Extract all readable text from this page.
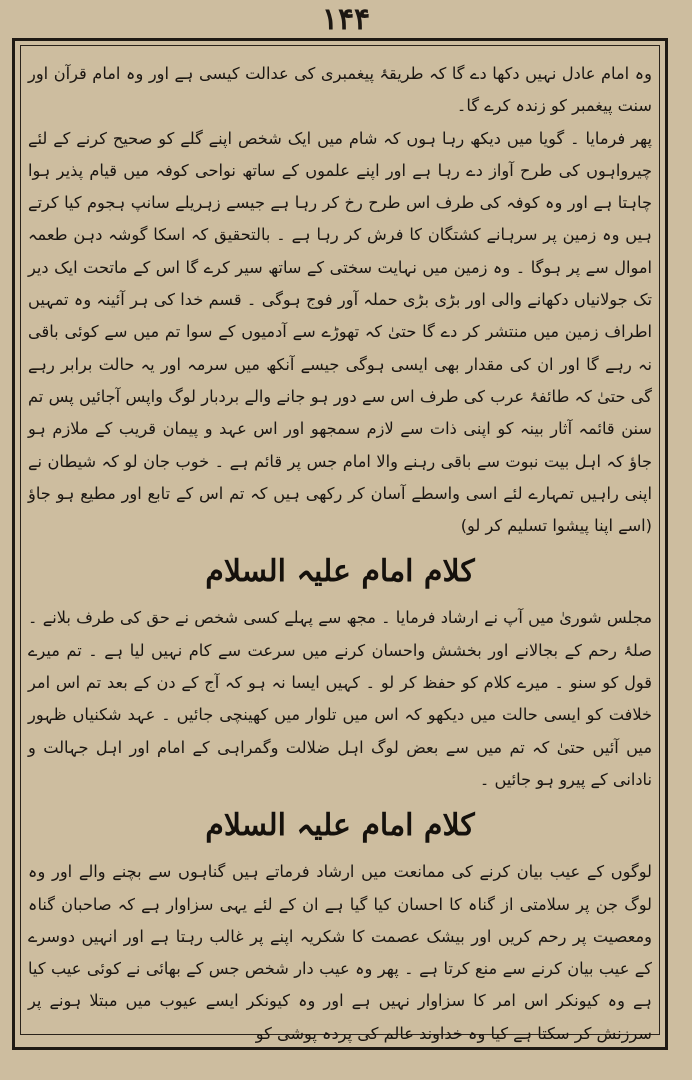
۱۴۴

وہ امام عادل نہیں دکھا دے گا کہ طریقۂ پیغمبری کی عدالت کیسی ہے اور وہ امام قرآن اور سنت پیغمبر کو زندہ کرے گا۔

پھر فرمایا ۔ گویا میں دیکھ رہا ہوں کہ شام میں ایک شخص اپنے گلے کو صحیح کرنے کے لئے چیرواہوں کی طرح آواز دے رہا ہے اور اپنے علموں کے ساتھ نواحی کوفہ میں قیام پذیر ہوا چاہتا ہے اور وہ کوفہ کی طرف اس طرح رخ کر رہا ہے جیسے زہریلے سانپ ہجوم کیا کرتے ہیں وہ زمین پر سرہانے کشتگان کا فرش کر رہا ہے ۔ بالتحقیق کہ اسکا گوشہ دہن طعمہ اموال سے پر ہوگا ۔ وہ زمین میں نہایت سختی کے ساتھ سیر کرے گا اس کے ماتحت ایک دیر تک جولانیاں دکھانے والی اور بڑی بڑی حملہ آور فوج ہوگی ۔ قسم خدا کی ہر آئینہ وہ تمہیں اطراف زمین میں منتشر کر دے گا حتیٰ کہ تھوڑے سے آدمیوں کے سوا تم میں سے کوئی باقی نہ رہے گا اور ان کی مقدار بھی ایسی ہوگی جیسے آنکھ میں سرمہ اور یہ حالت برابر رہے گی حتیٰ کہ طائفۂ عرب کی طرف اس سے دور ہو جانے والے بردبار لوگ واپس آجائیں پس تم سنن قائمہ آثار بینہ کو اپنی ذات سے لازم سمجھو اور اس عہد و پیمان قریب کے ملازم ہو جاؤ کہ اہل بیت نبوت سے باقی رہنے والا امام جس پر قائم ہے ۔ خوب جان لو کہ شیطان نے اپنی راہیں تمہارے لئے اسی واسطے آسان کر رکھی ہیں کہ تم اس کے تابع اور مطیع ہو جاؤ (اسے اپنا پیشوا تسلیم کر لو)

کلام امام علیہ السلام

مجلس شوریٰ میں آپ نے ارشاد فرمایا ۔ مجھ سے پہلے کسی شخص نے حق کی طرف بلانے ۔ صلۂ رحم کے بجالانے اور بخشش واحسان کرنے میں سرعت سے کام نہیں لیا ہے ۔ تم میرے قول کو سنو ۔ میرے کلام کو حفظ کر لو ۔ کہیں ایسا نہ ہو کہ آج کے دن کے بعد تم اس امر خلافت کو ایسی حالت میں دیکھو کہ اس میں تلوار میں کھینچی جائیں ۔ عہد شکنیاں ظہور میں آئیں حتیٰ کہ تم میں سے بعض لوگ اہل ضلالت وگمراہی کے امام اور اہل جہالت و نادانی کے پیرو ہو جائیں ۔

کلام امام علیہ السلام

لوگوں کے عیب بیان کرنے کی ممانعت میں ارشاد فرماتے ہیں گناہوں سے بچنے والے اور وہ لوگ جن پر سلامتی از گناہ کا احسان کیا گیا ہے ان کے لئے یہی سزاوار ہے کہ صاحبان گناہ ومعصیت پر رحم کریں اور بیشک عصمت کا شکریہ اپنے پر غالب رہتا ہے اور انہیں دوسرے کے عیب بیان کرنے سے منع کرتا ہے ۔ پھر وہ عیب دار شخص جس کے بھائی نے کوئی عیب کیا ہے وہ کیونکر اس امر کا سزاوار نہیں ہے اور وہ کیونکر ایسے عیوب میں مبتلا ہونے پر سرزنش کر سکتا ہے کیا وہ خداوند عالم کی پردہ پوشی کو
